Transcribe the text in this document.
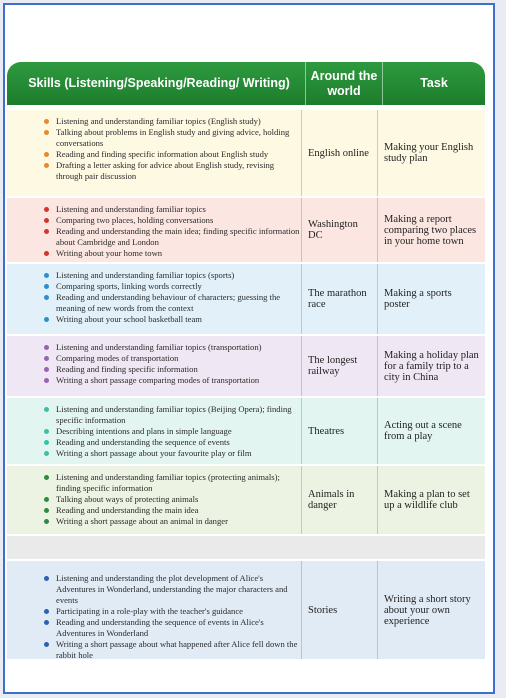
Skills (Listening/Speaking/Reading/ Writing)
Around the world
Task
Listening and understanding familiar topics (English study)
Talking about problems in English study and giving advice, holding conversations
Reading and finding specific information about English study
Drafting a letter asking for advice about English study, revising through pair discussion
English online Making your English study plan
Listening and understanding familiar topics
Comparing two places, holding conversations
Reading and understanding the main idea; finding specific information about Cambridge and London
Writing about your home town
Washington DC
Making a report comparing two places in your home town
Listening and understanding familiar topics (sports)
Comparing sports, linking words correctly
Reading and understanding behaviour of characters; guessing the meaning of new words from the context
Writing about your school basketball team
The marathon race
Making a sports poster
Listening and understanding familiar topics (transportation)
Comparing modes of transportation
Reading and finding specific information
Writing a short passage comparing modes of transportation
The longest railway
Making a holiday plan for a family trip to a city in China
Listening and understanding familiar topics (Beijing Opera); finding specific information
Describing intentions and plans in simple language
Reading and understanding the sequence of events
Writing a short passage about your favourite play or film
Theatres	Acting out a scene from a play
Listening and understanding familiar topics (protecting animals); finding specific information
Talking about ways of protecting animals
Reading and understanding the main idea
Writing a short passage about an animal in danger
Animals in danger
Making a plan to set up a wildlife club
Listening and understanding the plot development of Alice's Adventures in Wonderland, understanding the major characters and events
Participating in a role-play with the teacher's guidance
Reading and understanding the sequence of events in Alice's Adventures in Wonderland
Writing a short passage about what happened after Alice fell down the rabbit hole
Stories
Writing a short story about your own experience
